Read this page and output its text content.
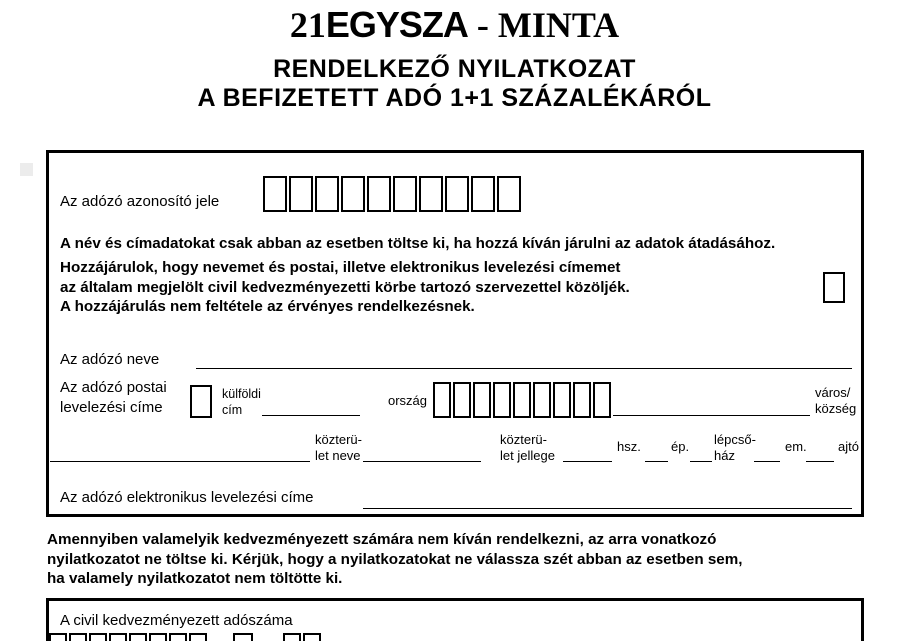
21EGYSZA - MINTA
RENDELKEZŐ NYILATKOZAT
A BEFIZETETT ADÓ 1+1 SZÁZALÉKÁRÓL
Az adózó azonosító jele
A név és címadatokat csak abban az esetben töltse ki, ha hozzá kíván járulni az adatok átadásához.
Hozzájárulok, hogy nevemet és postai, illetve elektronikus levelezési címemet
az általam megjelölt civil kedvezményezetti körbe tartozó szervezettel közöljék.
A hozzájárulás nem feltétele az érvényes rendelkezésnek.
Az adózó neve
Az adózó postai
levelezési címe
külföldi
cím
ország
város/
község
közterü-
let neve
közterü-
let jellege
hsz. ép. lépcső-
ház
em. ajtó
Az adózó elektronikus levelezési címe
Amennyiben valamelyik kedvezményezett számára nem kíván rendelkezni, az arra vonatkozó
nyilatkozatot ne töltse ki. Kérjük, hogy a nyilatkozatokat ne válassza szét abban az esetben sem,
ha valamely nyilatkozatot nem töltötte ki.
A civil kedvezményezett adószáma
